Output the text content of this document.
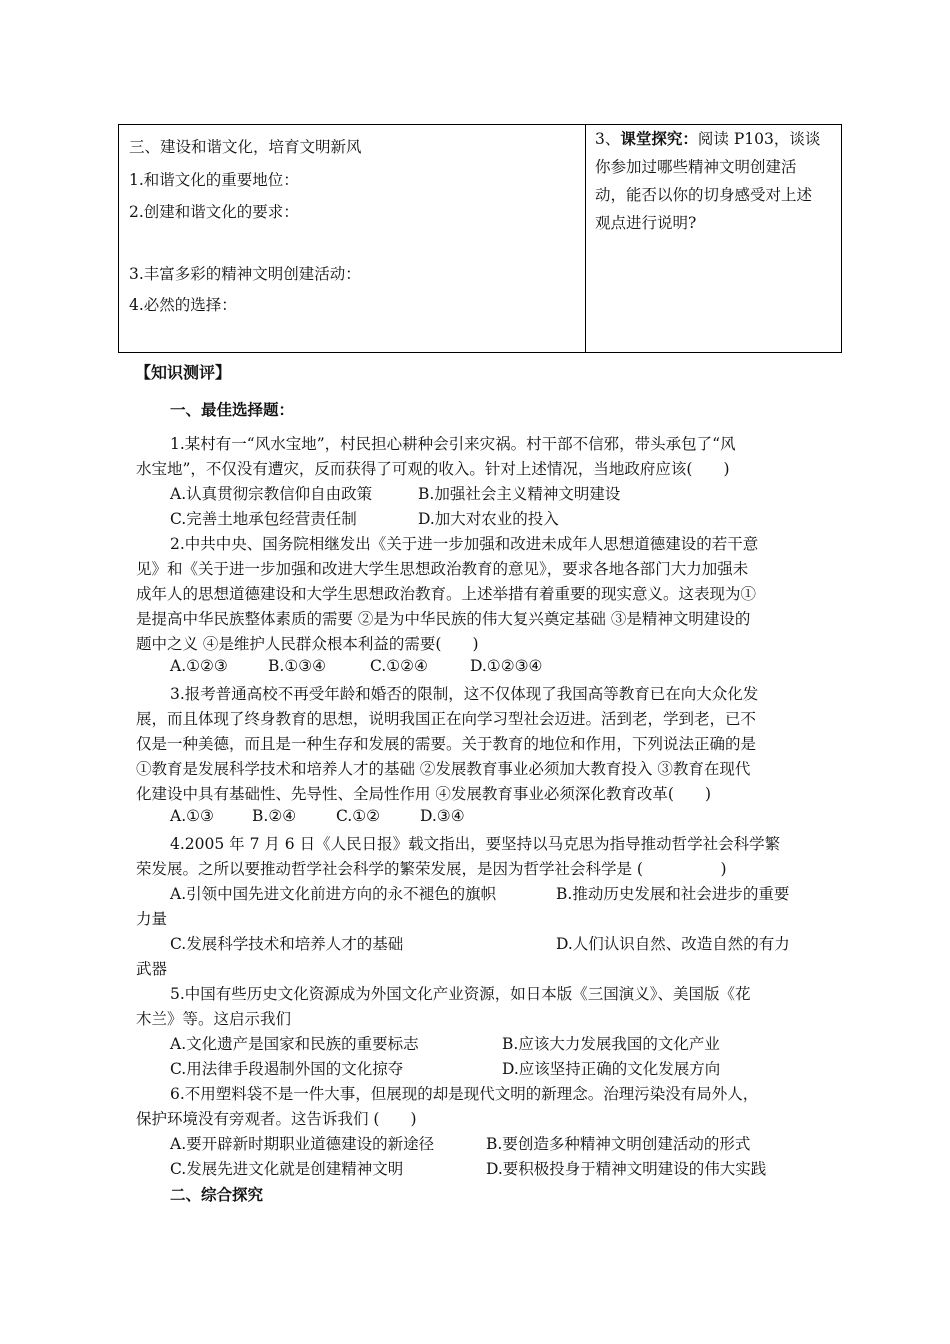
三、建设和谐文化，培育文明新风
1.和谐文化的重要地位：
2.创建和谐文化的要求：
3.丰富多彩的精神文明创建活动：
4.必然的选择：
3、课堂探究：阅读 P103，谈谈
你参加过哪些精神文明创建活
动，能否以你的切身感受对上述
观点进行说明?
【知识测评】
一、最佳选择题：
1.某村有一“风水宝地”，村民担心耕种会引来灾祸。村干部不信邪，带头承包了“风
水宝地”，不仅没有遭灾，反而获得了可观的收入。针对上述情况，当地政府应该(　　)
A.认真贯彻宗教信仰自由政策	B.加强社会主义精神文明建设
C.完善土地承包经营责任制	D.加大对农业的投入
2.中共中央、国务院相继发出《关于进一步加强和改进未成年人思想道德建设的若干意
见》和《关于进一步加强和改进大学生思想政治教育的意见》，要求各地各部门大力加强未
成年人的思想道德建设和大学生思想政治教育。上述举措有着重要的现实意义。这表现为①
是提高中华民族整体素质的需要 ②是为中华民族的伟大复兴奠定基础 ③是精神文明建设的
题中之义 ④是维护人民群众根本利益的需要(　　)
A.①②③	B.①③④	C.①②④	D.①②③④
3.报考普通高校不再受年龄和婚否的限制，这不仅体现了我国高等教育已在向大众化发
展，而且体现了终身教育的思想，说明我国正在向学习型社会迈进。活到老，学到老，已不
仅是一种美德，而且是一种生存和发展的需要。关于教育的地位和作用，下列说法正确的是
①教育是发展科学技术和培养人才的基础 ②发展教育事业必须加大教育投入 ③教育在现代
化建设中具有基础性、先导性、全局性作用 ④发展教育事业必须深化教育改革(　　)
A.①③ B.②④	C.①②	D.③④
4.2005 年 7 月 6 日《人民日报》载文指出，要坚持以马克思为指导推动哲学社会科学繁
荣发展。之所以要推动哲学社会科学的繁荣发展，是因为哲学社会科学是 (　　　　　)
A.引领中国先进文化前进方向的永不褪色的旗帜	B.推动历史发展和社会进步的重要
力量
C.发展科学技术和培养人才的基础	D.人们认识自然、改造自然的有力
武器
5.中国有些历史文化资源成为外国文化产业资源，如日本版《三国演义》、美国版《花
木兰》等。这启示我们
A.文化遗产是国家和民族的重要标志	B.应该大力发展我国的文化产业
C.用法律手段遏制外国的文化掠夺	D.应该坚持正确的文化发展方向
6.不用塑料袋不是一件大事，但展现的却是现代文明的新理念。治理污染没有局外人，
保护环境没有旁观者。这告诉我们 (　　)
A.要开辟新时期职业道德建设的新途径	B.要创造多种精神文明创建活动的形式
C.发展先进文化就是创建精神文明	D.要积极投身于精神文明建设的伟大实践
二、综合探究
